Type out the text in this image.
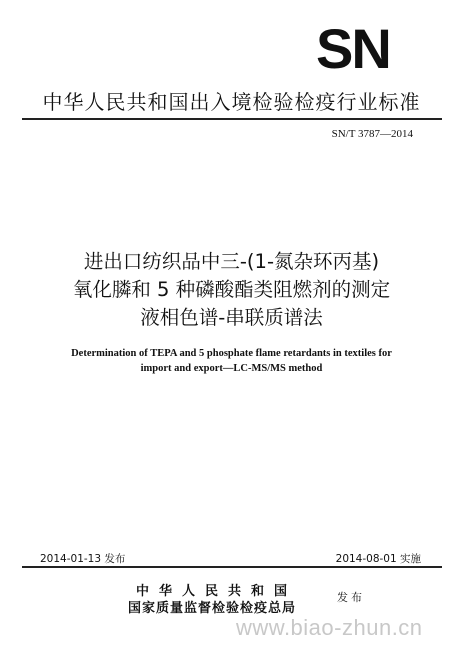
SN
中华人民共和国出入境检验检疫行业标准
SN/T 3787—2014
进出口纺织品中三-(1-氮杂环丙基)
氧化膦和 5 种磷酸酯类阻燃剂的测定
液相色谱-串联质谱法
Determination of TEPA and 5 phosphate flame retardants in textiles for
import and export—LC-MS/MS method
2014-01-13 发布	2014-08-01 实施
中华人民共和国
国家质量监督检验检疫总局
发布
www.biao-zhun.cn
